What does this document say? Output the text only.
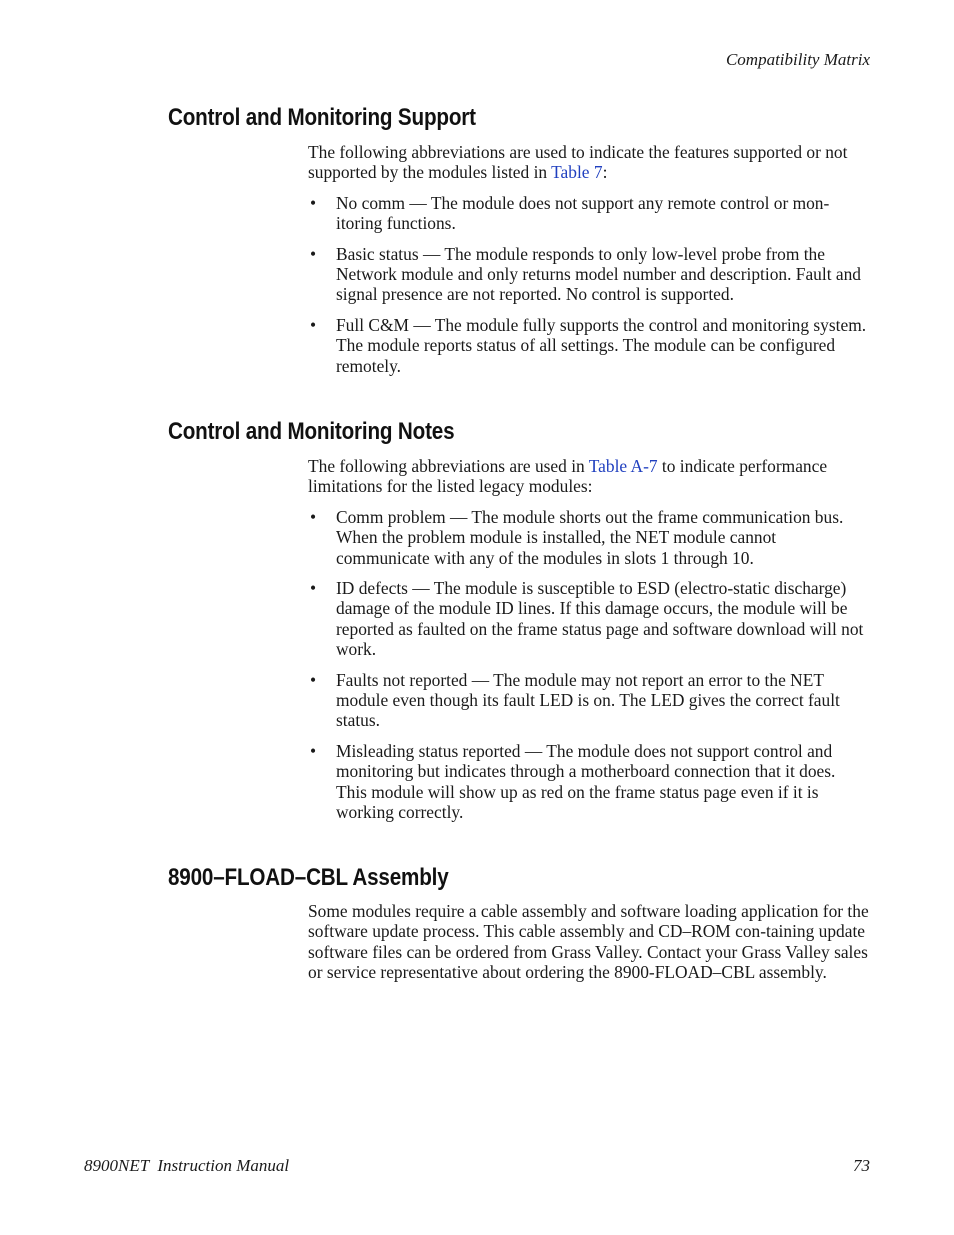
Compatibility Matrix
Control and Monitoring Support

The following abbreviations are used to indicate the features supported or not supported by the modules listed in Table 7:

• No comm — The module does not support any remote control or mon-itoring functions.
• Basic status — The module responds to only low-level probe from the Network module and only returns model number and description. Fault and signal presence are not reported. No control is supported.
• Full C&M — The module fully supports the control and monitoring system. The module reports status of all settings. The module can be configured remotely.
Control and Monitoring Notes

The following abbreviations are used in Table A-7 to indicate performance limitations for the listed legacy modules:

• Comm problem — The module shorts out the frame communication bus. When the problem module is installed, the NET module cannot communicate with any of the modules in slots 1 through 10.
• ID defects — The module is susceptible to ESD (electro-static discharge) damage of the module ID lines. If this damage occurs, the module will be reported as faulted on the frame status page and software download will not work.
• Faults not reported — The module may not report an error to the NET module even though its fault LED is on. The LED gives the correct fault status.
• Misleading status reported — The module does not support control and monitoring but indicates through a motherboard connection that it does. This module will show up as red on the frame status page even if it is working correctly.
8900–FLOAD–CBL Assembly

Some modules require a cable assembly and software loading application for the software update process. This cable assembly and CD–ROM con-taining update software files can be ordered from Grass Valley. Contact your Grass Valley sales or service representative about ordering the 8900-FLOAD–CBL assembly.

8900NET  Instruction Manual	73
